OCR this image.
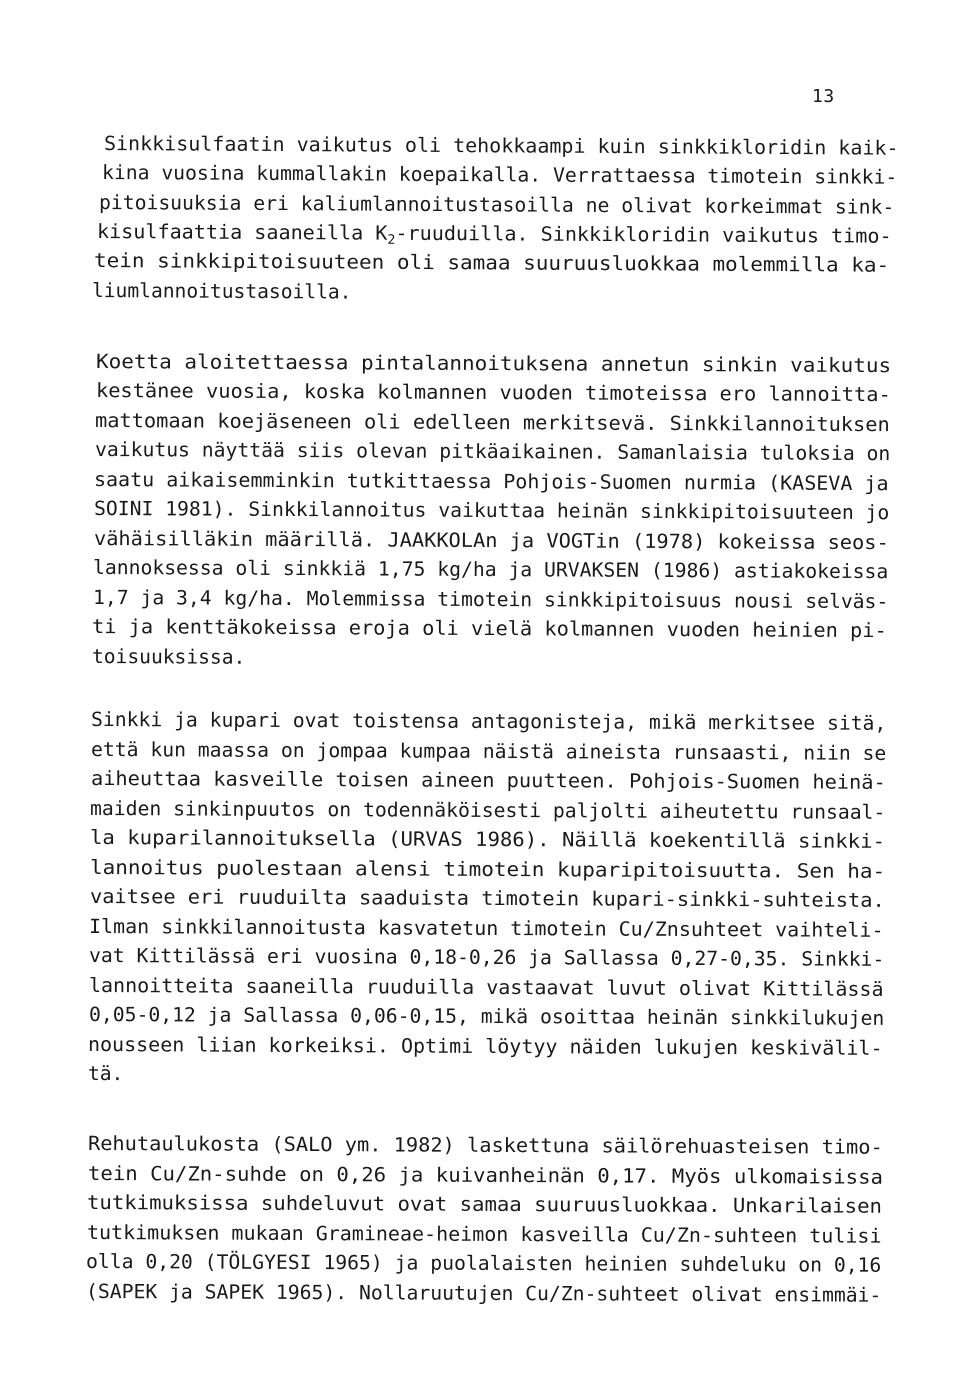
13
Sinkkisulfaatin vaikutus oli tehokkaampi kuin sinkkikloridin kaik-
kina vuosina kummallakin koepaikalla. Verrattaessa timotein sinkki-
pitoisuuksia eri kaliumlannoitustasoilla ne olivat korkeimmat sink-
kisulfaattia saaneilla $K_2$-ruuduilla. Sinkkikloridin vaikutus timo-
tein sinkkipitoisuuteen oli samaa suuruusluokkaa molemmilla ka-
liumlannoitustasoilla.
Koetta aloitettaessa pintalannoituksena annetun sinkin vaikutus
kestänee vuosia, koska kolmannen vuoden timoteissa ero lannoitta-
mattomaan koejäseneen oli edelleen merkitsevä. Sinkkilannoituksen
vaikutus näyttää siis olevan pitkäaikainen. Samanlaisia tuloksia on
saatu aikaisemminkin tutkittaessa Pohjois-Suomen nurmia (KASEVA ja
SOINI 1981). Sinkkilannoitus vaikuttaa heinän sinkkipitoisuuteen jo
vähäisilläkin määrillä. JAAKKOLAn ja VOGTin (1978) kokeissa seos-
lannoksessa oli sinkkiä 1,75 kg/ha ja URVAKSEN (1986) astiakokeissa
1,7 ja 3,4 kg/ha. Molemmissa timotein sinkkipitoisuus nousi selväs-
ti ja kenttäkokeissa eroja oli vielä kolmannen vuoden heinien pi-
toisuuksissa.
Sinkki ja kupari ovat toistensa antagonisteja, mikä merkitsee sitä,
että kun maassa on jompaa kumpaa näistä aineista runsaasti, niin se
aiheuttaa kasveille toisen aineen puutteen. Pohjois-Suomen heinä-
maiden sinkinpuutos on todennäköisesti paljolti aiheutettu runsaal-
la kuparilannoituksella (URVAS 1986). Näillä koekentillä sinkki-
lannoitus puolestaan alensi timotein kuparipitoisuutta. Sen ha-
vaitsee eri ruuduilta saaduista timotein kupari-sinkki-suhteista.
Ilman sinkkilannoitusta kasvatetun timotein Cu/Znsuhteet vaihteli-
vat Kittilässä eri vuosina 0,18-0,26 ja Sallassa 0,27-0,35. Sinkki-
lannoitteita saaneilla ruuduilla vastaavat luvut olivat Kittilässä
0,05-0,12 ja Sallassa 0,06-0,15, mikä osoittaa heinän sinkkilukujen
nousseen liian korkeiksi. Optimi löytyy näiden lukujen keskivälil-
tä.
Rehutaulukosta (SALO ym. 1982) laskettuna säilörehuasteisen timo-
tein Cu/Zn-suhde on 0,26 ja kuivanheinän 0,17. Myös ulkomaisissa
tutkimuksissa suhdeluvut ovat samaa suuruusluokkaa. Unkarilaisen
tutkimuksen mukaan Gramineae-heimon kasveilla Cu/Zn-suhteen tulisi
olla 0,20 (TÖLGYESI 1965) ja puolalaisten heinien suhdeluku on 0,16
(SAPEK ja SAPEK 1965). Nollaruutujen Cu/Zn-suhteet olivat ensimmäi-
